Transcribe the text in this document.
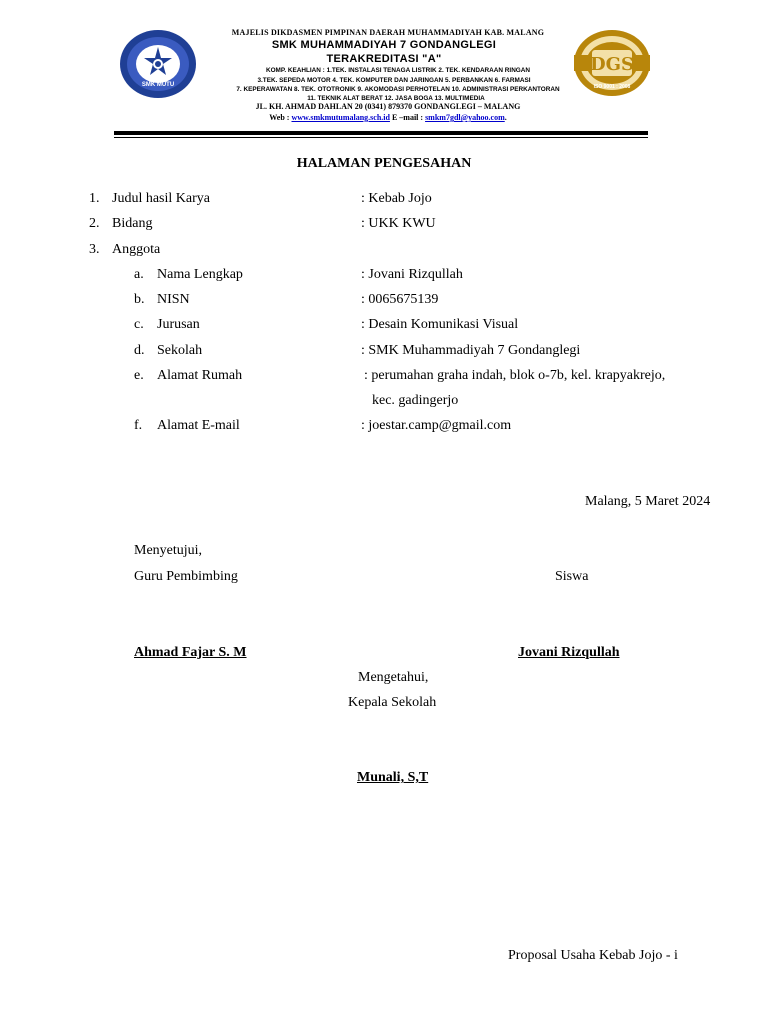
SMK MUTU
DGS
ISO 9001 : 2008
MAJELIS DIKDASMEN PIMPINAN DAERAH MUHAMMADIYAH KAB. MALANG
SMK MUHAMMADIYAH 7 GONDANGLEGI
TERAKREDITASI "A"
KOMP. KEAHLIAN : 1.TEK. INSTALASI TENAGA LISTRIK 2. TEK. KENDARAAN RINGAN
3.TEK. SEPEDA MOTOR 4. TEK. KOMPUTER DAN JARINGAN 5. PERBANKAN 6. FARMASI
7. KEPERAWATAN 8. TEK. OTOTRONIK 9. AKOMODASI PERHOTELAN 10. ADMINISTRASI PERKANTORAN
11. TEKNIK ALAT BERAT 12. JASA BOGA 13. MULTIMEDIA
JL. KH. AHMAD DAHLAN 20 (0341) 879370 GONDANGLEGI – MALANG
Web : www.smkmutumalang.sch.id E –mail : smkm7gdl@yahoo.com.
HALAMAN PENGESAHAN
1. Judul hasil Karya	: Kebab Jojo
2. Bidang	: UKK KWU
3. Anggota
a. Nama Lengkap	: Jovani Rizqullah
b. NISN	: 0065675139
c. Jurusan	: Desain Komunikasi Visual
d. Sekolah	: SMK Muhammadiyah 7 Gondanglegi
e. Alamat Rumah	: perumahan graha indah, blok o-7b, kel. krapyakrejo,
kec. gadingerjo
f. Alamat E-mail	: joestar.camp@gmail.com
Malang, 5 Maret 2024
Menyetujui,
Guru Pembimbing	Siswa
Ahmad Fajar S. M	Jovani Rizqullah
Mengetahui,
Kepala Sekolah
Munali, S,T
Proposal Usaha Kebab Jojo - i
